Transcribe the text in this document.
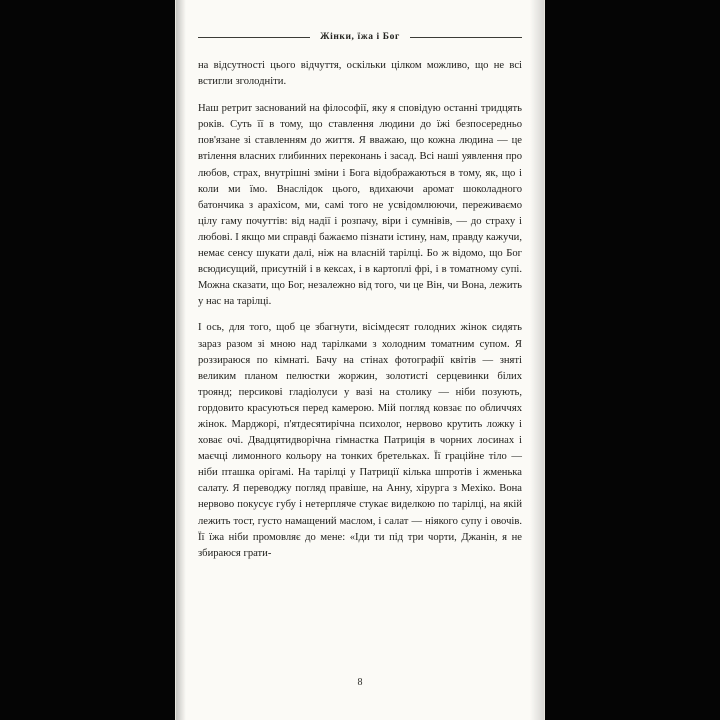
Жінки, їжа і Бог

на відсутності цього відчуття, оскільки цілком можливо, що не всі встигли зголодніти.

Наш ретрит заснований на філософії, яку я сповідую останні тридцять років. Суть її в тому, що ставлення людини до їжі безпосередньо пов'язане зі ставленням до життя. Я вважаю, що кожна людина — це втілення власних глибинних переконань і засад. Всі наші уявлення про любов, страх, внутрішні зміни і Бога відображаються в тому, як, що і коли ми їмо. Внаслідок цього, вдихаючи аромат шоколадного батончика з арахісом, ми, самі того не усвідомлюючи, переживаємо цілу гаму почуттів: від надії і розпачу, віри і сумнівів, — до страху і любові. І якщо ми справді бажаємо пізнати істину, нам, правду кажучи, немає сенсу шукати далі, ніж на власній тарілці. Бо ж відомо, що Бог всюдисущий, присутній і в кексах, і в картоплі фрі, і в томатному супі. Можна сказати, що Бог, незалежно від того, чи це Він, чи Вона, лежить у нас на тарілці.

І ось, для того, щоб це збагнути, вісімдесят голодних жінок сидять зараз разом зі мною над тарілками з холодним томатним супом. Я роззираюся по кімнаті. Бачу на стінах фотографії квітів — зняті великим планом пелюстки жоржин, золотисті серцевинки білих троянд; персикові гладіолуси у вазі на столику — ніби позують, гордовито красуються перед камерою. Мій погляд ковзає по обличчях жінок. Марджорі, п'ятдесятирічна психолог, нервово крутить ложку і ховає очі. Двадцятидворічна гімнастка Патриція в чорних лосинах і маєчці лимонного кольору на тонких бретельках. Її граційне тіло — ніби пташка орігамі. На тарілці у Патриції кілька шпротів і жменька салату. Я переводжу погляд правіше, на Анну, хірурга з Мехіко. Вона нервово покусує губу і нетерпляче стукає виделкою по тарілці, на якій лежить тост, густо намащений маслом, і салат — ніякого супу і овочів. Її їжа ніби промовляє до мене: «Іди ти під три чорти, Джанін, я не збираюся грати-

8
